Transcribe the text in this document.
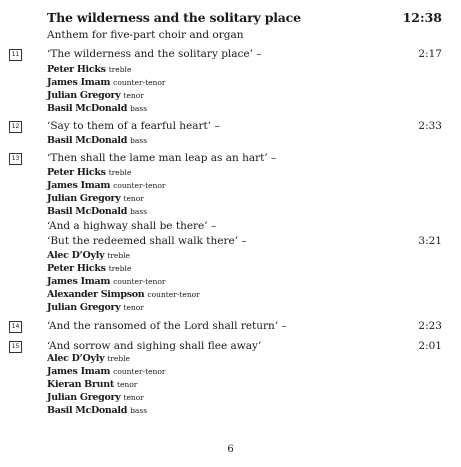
The wilderness and the solitary place	12:38
Anthem for five-part choir and organ
11	‘The wilderness and the solitary place’ –	2:17
Peter Hicks treble
James Imam counter-tenor
Julian Gregory tenor
Basil McDonald bass
12	‘Say to them of a fearful heart’ –	2:33
Basil McDonald bass
13	‘Then shall the lame man leap as an hart’ –
Peter Hicks treble
James Imam counter-tenor
Julian Gregory tenor
Basil McDonald bass
‘And a highway shall be there’ –
‘But the redeemed shall walk there’ –	3:21
Alec D’Oyly treble
Peter Hicks treble
James Imam counter-tenor
Alexander Simpson counter-tenor
Julian Gregory tenor
14	‘And the ransomed of the Lord shall return’ –	2:23
15	‘And sorrow and sighing shall flee away’	2:01
Alec D’Oyly treble
James Imam counter-tenor
Kieran Brunt tenor
Julian Gregory tenor
Basil McDonald bass
6
